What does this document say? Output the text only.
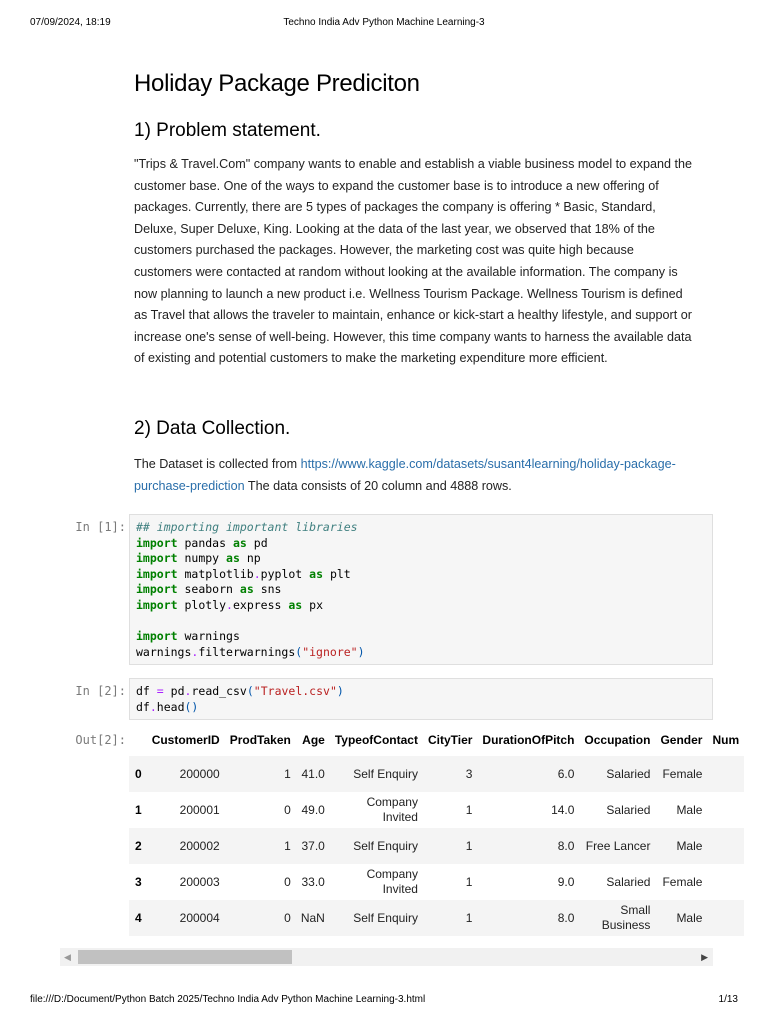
07/09/2024, 18:19	Techno India Adv Python Machine Learning-3
Holiday Package Prediciton
1) Problem statement.

"Trips & Travel.Com" company wants to enable and establish a viable business model to expand the customer base. One of the ways to expand the customer base is to introduce a new offering of packages. Currently, there are 5 types of packages the company is offering * Basic, Standard, Deluxe, Super Deluxe, King. Looking at the data of the last year, we observed that 18% of the customers purchased the packages. However, the marketing cost was quite high because customers were contacted at random without looking at the available information. The company is now planning to launch a new product i.e. Wellness Tourism Package. Wellness Tourism is defined as Travel that allows the traveler to maintain, enhance or kick-start a healthy lifestyle, and support or increase one's sense of well-being. However, this time company wants to harness the available data of existing and potential customers to make the marketing expenditure more efficient.

2) Data Collection.

The Dataset is collected from https://www.kaggle.com/datasets/susant4learning/holiday-package-purchase-prediction The data consists of 20 column and 4888 rows.

In [1]: ## importing important libraries
import pandas as pd
import numpy as np
import matplotlib.pyplot as plt
import seaborn as sns
import plotly.express as px

import warnings
warnings.filterwarnings("ignore")
In [2]: df = pd.read_csv("Travel.csv")
df.head()
Out[2]:
	CustomerID	ProdTaken	Age	TypeofContact	CityTier	DurationOfPitch	Occupation	Gender	Num
0	200000	1	41.0	Self Enquiry	3	6.0	Salaried	Female	
1	200001	0	49.0	Company Invited	1	14.0	Salaried	Male	
2	200002	1	37.0	Self Enquiry	1	8.0	Free Lancer	Male	
3	200003	0	33.0	Company Invited	1	9.0	Salaried	Female	
4	200004	0	NaN	Self Enquiry	1	8.0	Small Business	Male	
◀	▶
file:///D:/Document/Python Batch 2025/Techno India Adv Python Machine Learning-3.html	1/13
